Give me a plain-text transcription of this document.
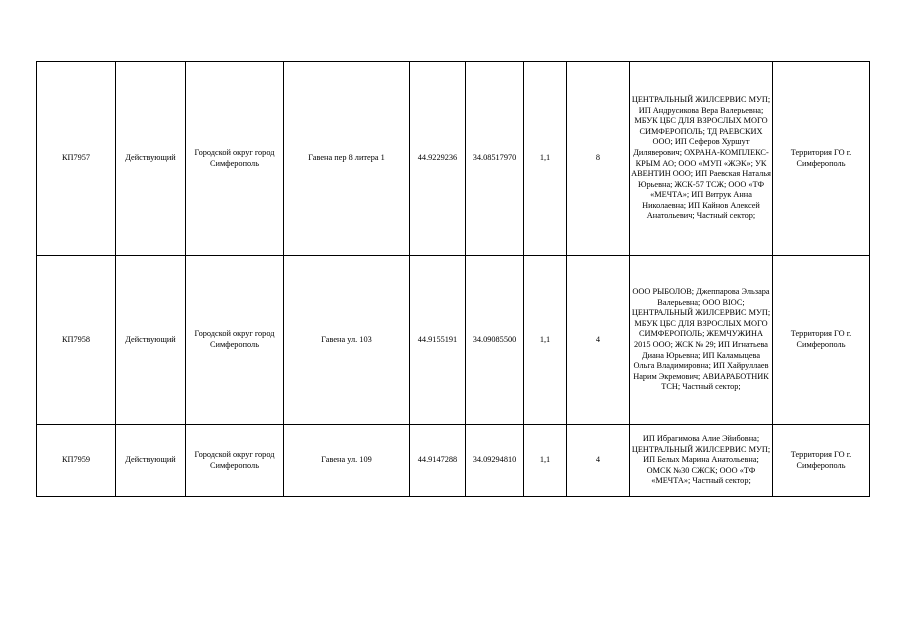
КП7957	Действующий	Городской округ город Симферополь	Гавена пер 8 литера 1	44.9229236	34.08517970	1,1	8	ЦЕНТРАЛЬНЫЙ ЖИЛСЕРВИС МУП; ИП Андрусикова Вера Валерьевна; МБУК ЦБС ДЛЯ ВЗРОСЛЫХ МОГО СИМФЕРОПОЛЬ; ТД РАЕВСКИХ ООО; ИП Сеферов Хуршут Диляверович; ОХРАНА-КОМПЛЕКС-КРЫМ АО; ООО «МУП «ЖЭК»; УК АВЕНТИН ООО; ИП Раевская Наталья Юрьевна; ЖСК-57 ТСЖ; ООО «ТФ «МЕЧТА»; ИП Витрук Анна Николаевна; ИП Кайнов Алексей Анатольевич; Частный сектор;	Территория ГО г. Симферополь
КП7958	Действующий	Городской округ город Симферополь	Гавена ул. 103	44.9155191	34.09085500	1,1	4	ООО РЫБОЛОВ; Джеппарова Эльзара Валерьевна; ООО ВІОС; ЦЕНТРАЛЬНЫЙ ЖИЛСЕРВИС МУП; МБУК ЦБС ДЛЯ ВЗРОСЛЫХ МОГО СИМФЕРОПОЛЬ; ЖЕМЧУЖИНА 2015 ООО; ЖСК № 29; ИП Игнатьева Диана Юрьевна; ИП Каламыцева Ольга Владимировна; ИП Хайруллаев Нарим Экремович; АВИАРАБОТНИК ТСН; Частный сектор;	Территория ГО г. Симферополь
КП7959	Действующий	Городской округ город Симферополь	Гавена ул. 109	44.9147288	34.09294810	1,1	4	ИП Ибрагимова Алие Эйибовна; ЦЕНТРАЛЬНЫЙ ЖИЛСЕРВИС МУП; ИП Белых Марина Анатольевна; ОМСК №30 СЖСК; ООО «ТФ «МЕЧТА»; Частный сектор;	Территория ГО г. Симферополь
